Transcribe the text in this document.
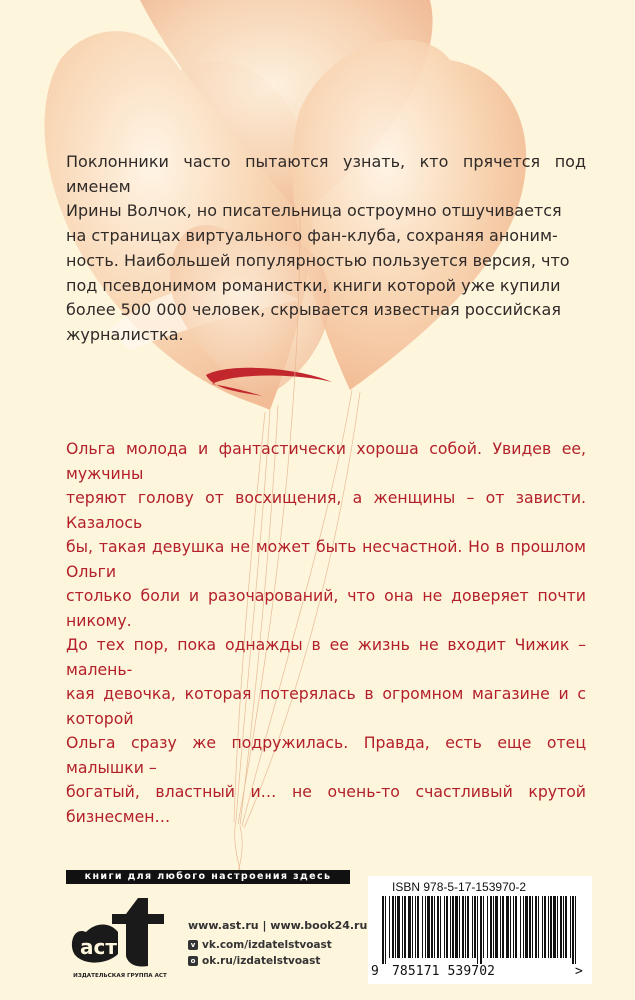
Поклонники часто пытаются узнать, кто прячется под именем
Ирины Волчок, но писательница остроумно отшучивается
на страницах виртуального фан-клуба, сохраняя аноним-
ность. Наибольшей популярностью пользуется версия, что
под псевдонимом романистки, книги которой уже купили
более 500 000 человек, скрывается известная российская
журналистка.

Ольга молода и фантастически хороша собой. Увидев ее, мужчины
теряют голову от восхищения, а женщины – от зависти. Казалось
бы, такая девушка не может быть несчастной. Но в прошлом Ольги
столько боли и разочарований, что она не доверяет почти никому.
До тех пор, пока однажды в ее жизнь не входит Чижик – малень-
кая девочка, которая потерялась в огромном магазине и с которой
Ольга сразу же подружилась. Правда, есть еще отец малышки –
богатый, властный и… не очень-то счастливый крутой бизнесмен…

книги для любого настроения здесь
аст
ИЗДАТЕЛЬСКАЯ ГРУППА АСТ
www.ast.ru | www.book24.ru
v vk.com/izdatelstvoast
о ok.ru/izdatelstvoast
ISBN 978-5-17-153970-2
9 785171 539702	>
